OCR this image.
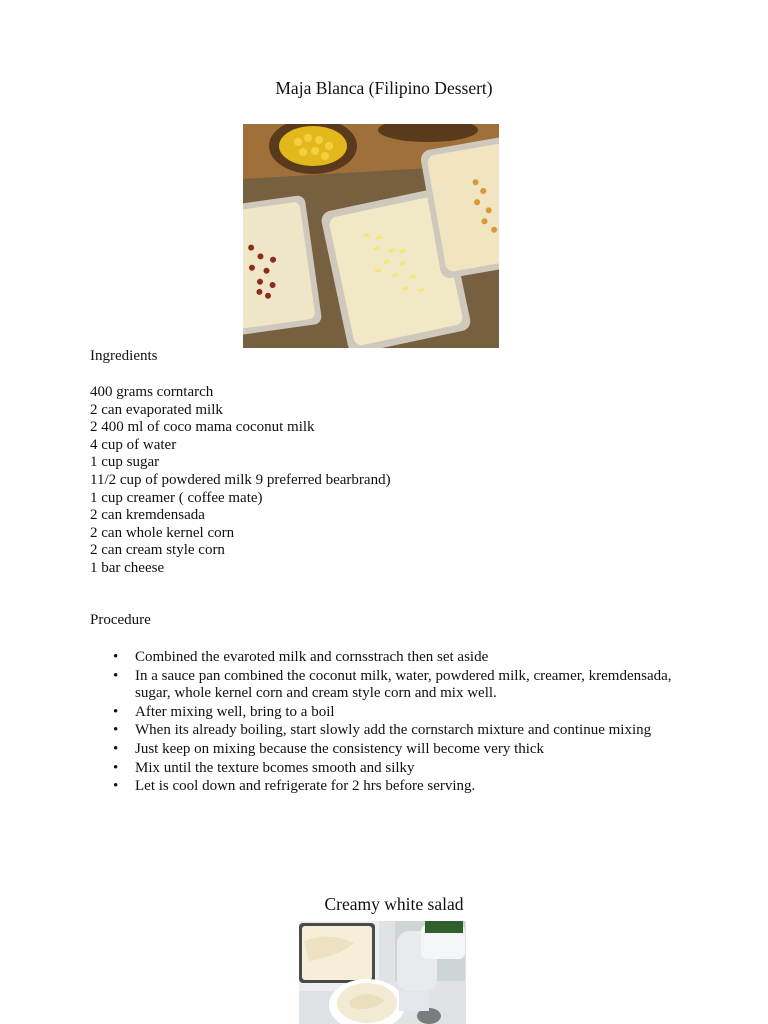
Maja Blanca (Filipino Dessert)
Ingredients
400 grams corntarch
2 can evaporated milk
2 400 ml of coco mama coconut milk
4 cup of water
1 cup sugar
11/2 cup of powdered milk 9 preferred bearbrand)
1 cup creamer ( coffee mate)
2 can kremdensada
2 can whole kernel corn
2 can cream style corn
1 bar cheese
Procedure
• Combined the evaroted milk and cornsstrach then set aside
• In a sauce pan combined the coconut milk, water, powdered milk, creamer, kremdensada, sugar, whole kernel corn and cream style corn and mix well.
• After mixing well, bring to a boil
• When its already boiling, start slowly add the cornstarch mixture and continue mixing
• Just keep on mixing because the consistency will become very thick
• Mix until the texture bcomes smooth and silky
• Let is cool down and refrigerate for 2 hrs before serving.
Creamy white salad
